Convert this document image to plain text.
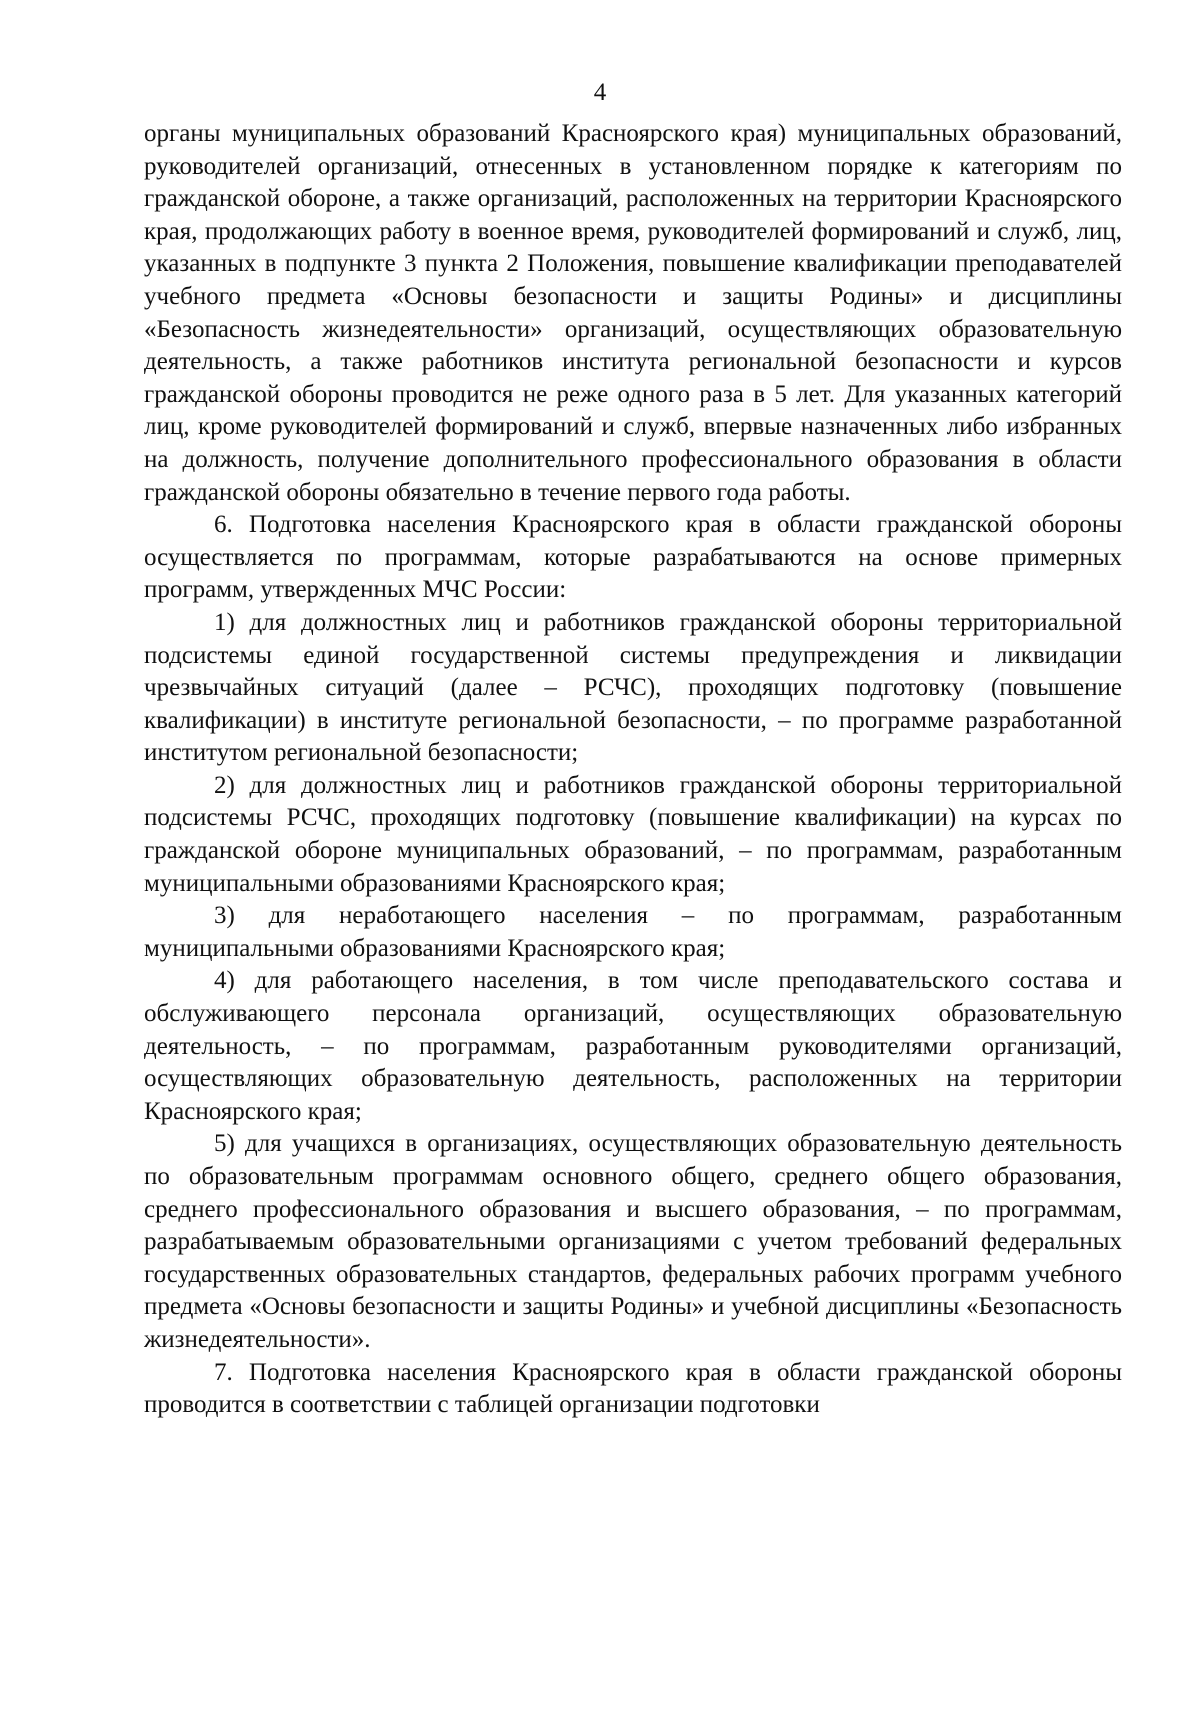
4

органы муниципальных образований Красноярского края) муниципальных образований, руководителей организаций, отнесенных в установленном порядке к категориям по гражданской обороне, а также организаций, расположенных на территории Красноярского края, продолжающих работу в военное время, руководителей формирований и служб, лиц, указанных в подпункте 3 пункта 2 Положения, повышение квалификации преподавателей учебного предмета «Основы безопасности и защиты Родины» и дисциплины «Безопасность жизнедеятельности» организаций, осуществляющих образовательную деятельность, а также работников института региональной безопасности и курсов гражданской обороны проводится не реже одного раза в 5 лет. Для указанных категорий лиц, кроме руководителей формирований и служб, впервые назначенных либо избранных на должность, получение дополнительного профессионального образования в области гражданской обороны обязательно в течение первого года работы.

6. Подготовка населения Красноярского края в области гражданской обороны осуществляется по программам, которые разрабатываются на основе примерных программ, утвержденных МЧС России:

1) для должностных лиц и работников гражданской обороны территориальной подсистемы единой государственной системы предупреждения и ликвидации чрезвычайных ситуаций (далее – РСЧС), проходящих подготовку (повышение квалификации) в институте региональной безопасности, – по программе разработанной институтом региональной безопасности;

2) для должностных лиц и работников гражданской обороны территориальной подсистемы РСЧС, проходящих подготовку (повышение квалификации) на курсах по гражданской обороне муниципальных образований, – по программам, разработанным муниципальными образованиями Красноярского края;

3) для неработающего населения – по программам, разработанным муниципальными образованиями Красноярского края;

4) для работающего населения, в том числе преподавательского состава и обслуживающего персонала организаций, осуществляющих образовательную деятельность, – по программам, разработанным руководителями организаций, осуществляющих образовательную деятельность, расположенных на территории Красноярского края;

5) для учащихся в организациях, осуществляющих образовательную деятельность по образовательным программам основного общего, среднего общего образования, среднего профессионального образования и высшего образования, – по программам, разрабатываемым образовательными организациями с учетом требований федеральных государственных образовательных стандартов, федеральных рабочих программ учебного предмета «Основы безопасности и защиты Родины» и учебной дисциплины «Безопасность жизнедеятельности».

7. Подготовка населения Красноярского края в области гражданской обороны проводится в соответствии с таблицей организации подготовки
